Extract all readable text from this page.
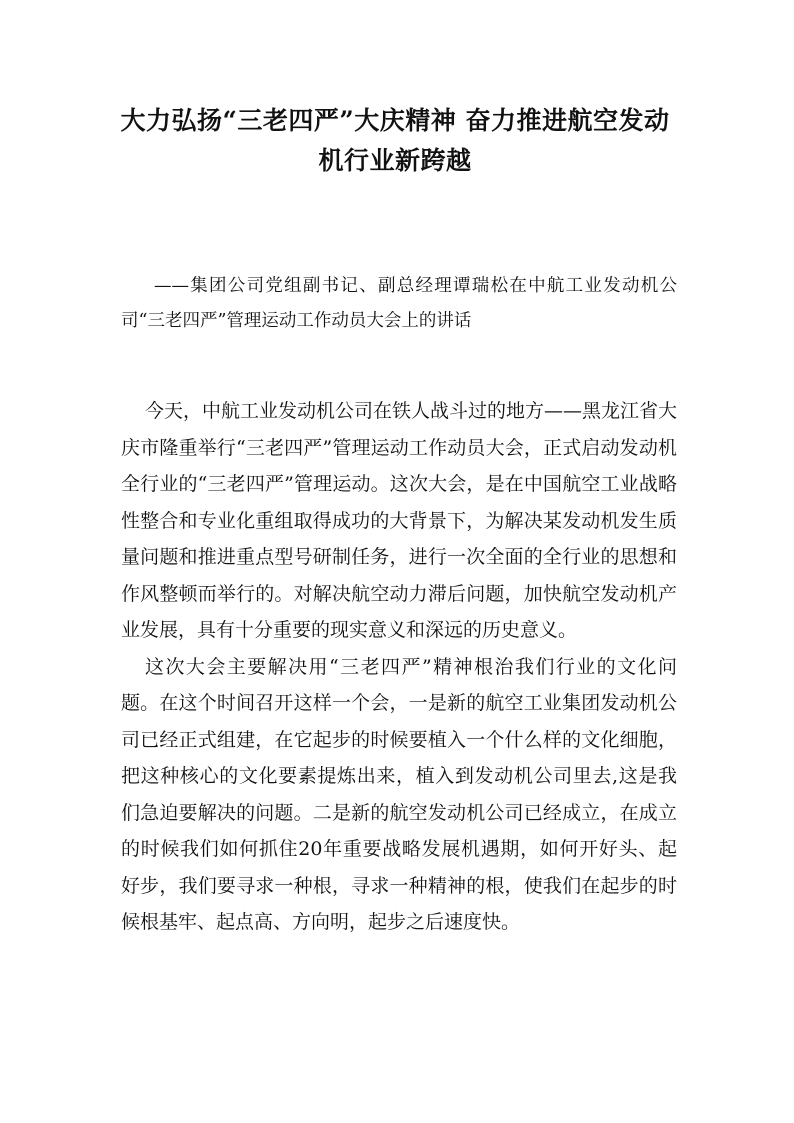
大力弘扬“三老四严”大庆精神 奋力推进航空发动机行业新跨越

——集团公司党组副书记、副总经理谭瑞松在中航工业发动机公司“三老四严”管理运动工作动员大会上的讲话

今天，中航工业发动机公司在铁人战斗过的地方——黑龙江省大庆市隆重举行“三老四严”管理运动工作动员大会，正式启动发动机全行业的“三老四严”管理运动。这次大会，是在中国航空工业战略性整合和专业化重组取得成功的大背景下，为解决某发动机发生质量问题和推进重点型号研制任务，进行一次全面的全行业的思想和作风整顿而举行的。对解决航空动力滞后问题，加快航空发动机产业发展，具有十分重要的现实意义和深远的历史意义。

这次大会主要解决用“三老四严”精神根治我们行业的文化问题。在这个时间召开这样一个会，一是新的航空工业集团发动机公司已经正式组建，在它起步的时候要植入一个什么样的文化细胞，把这种核心的文化要素提炼出来，植入到发动机公司里去,这是我们急迫要解决的问题。二是新的航空发动机公司已经成立，在成立的时候我们如何抓住20年重要战略发展机遇期，如何开好头、起好步，我们要寻求一种根，寻求一种精神的根，使我们在起步的时候根基牢、起点高、方向明，起步之后速度快。
